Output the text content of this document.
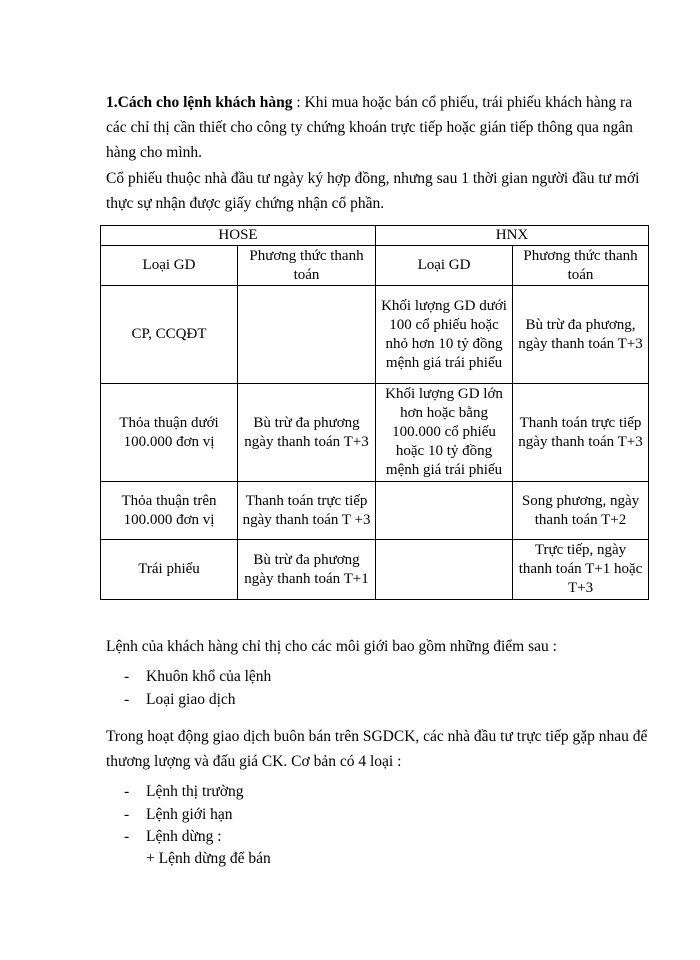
1.Cách cho lệnh khách hàng : Khi mua hoặc bán cổ phiếu, trái phiếu khách hàng ra các chỉ thị cần thiết cho công ty chứng khoán trực tiếp hoặc gián tiếp thông qua ngân hàng cho mình.

Cổ phiếu thuộc nhà đầu tư ngày ký hợp đồng, nhưng sau 1 thời gian người đầu tư mới thực sự nhận được giấy chứng nhận cổ phần.

HOSE		HNX	
Loại GD	Phương thức thanh toán	Loại GD	Phương thức thanh toán
CP, CCQĐT		Khối lượng GD dưới 100 cổ phiếu hoặc nhỏ hơn 10 tỷ đồng mệnh giá trái phiếu	Bù trừ đa phương, ngày thanh toán T+3
Thỏa thuận dưới 100.000 đơn vị	Bù trừ đa phương ngày thanh toán T+3	Khối lượng GD lớn hơn hoặc bằng 100.000 cổ phiếu hoặc 10 tỷ đồng mệnh giá trái phiếu	Thanh toán trực tiếp ngày thanh toán T+3
Thỏa thuận trên 100.000 đơn vị	Thanh toán trực tiếp ngày thanh toán T +3		Song phương, ngày thanh toán T+2
Trái phiếu	Bù trừ đa phương ngày thanh toán T+1		Trực tiếp, ngày thanh toán T+1 hoặc T+3

Lệnh của khách hàng chỉ thị cho các môi giới bao gồm những điểm sau :

- Khuôn khổ của lệnh
- Loại giao dịch

Trong hoạt động giao dịch buôn bán trên SGDCK, các nhà đầu tư trực tiếp gặp nhau để thương lượng và đấu giá CK. Cơ bản có 4 loại :

- Lệnh thị trường
- Lệnh giới hạn
- Lệnh dừng :

+ Lệnh dừng để bán
